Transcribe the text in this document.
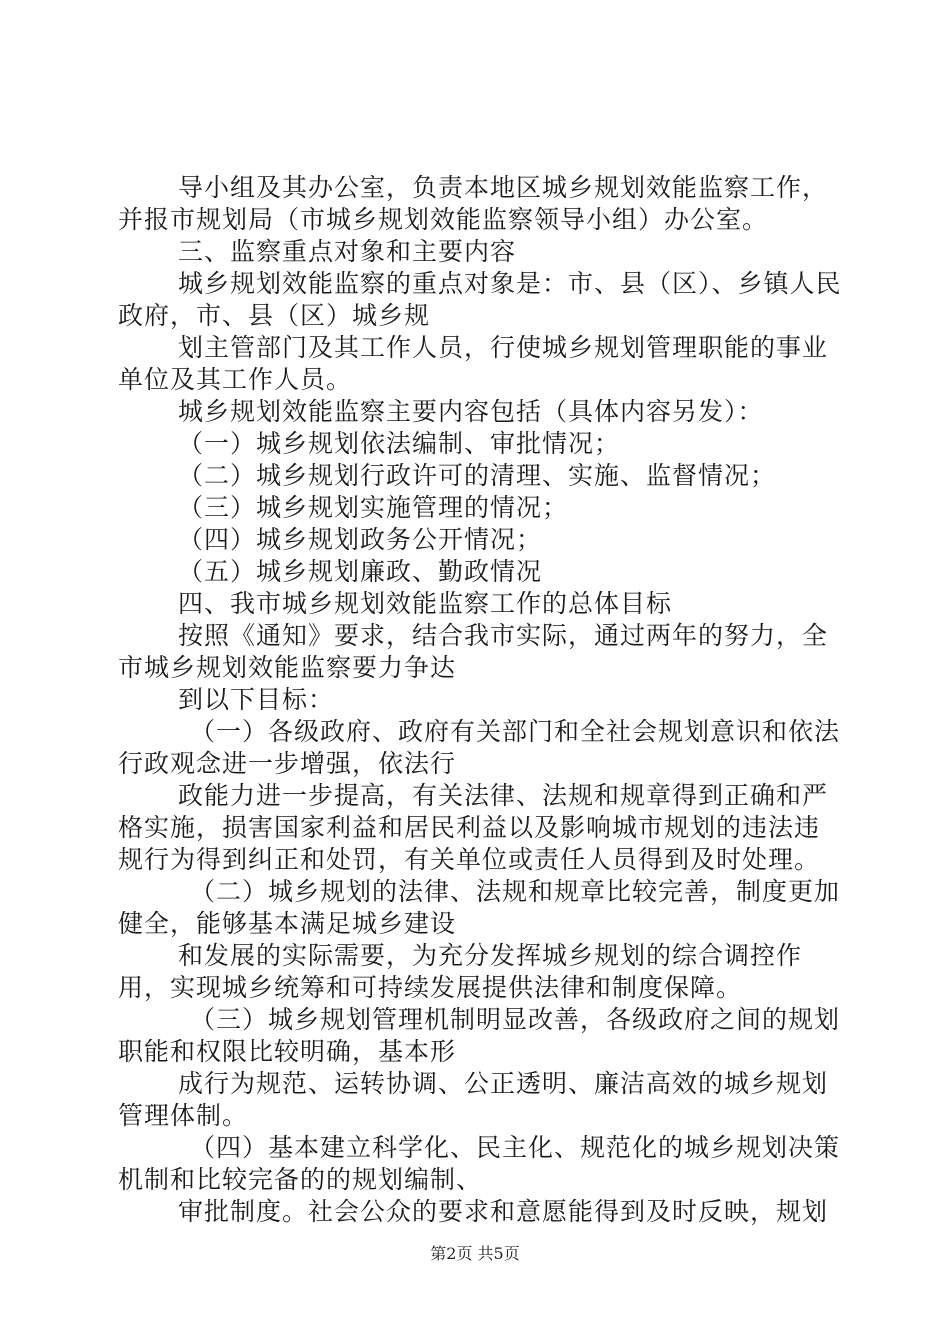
导小组及其办公室，负责本地区城乡规划效能监察工作，并报市规划局（市城乡规划效能监察领导小组）办公室。

三、监察重点对象和主要内容

城乡规划效能监察的重点对象是：市、县（区）、乡镇人民政府，市、县（区）城乡规

划主管部门及其工作人员，行使城乡规划管理职能的事业单位及其工作人员。

城乡规划效能监察主要内容包括（具体内容另发）：

（一）城乡规划依法编制、审批情况；

（二）城乡规划行政许可的清理、实施、监督情况；

（三）城乡规划实施管理的情况；

（四）城乡规划政务公开情况；

（五）城乡规划廉政、勤政情况

四、我市城乡规划效能监察工作的总体目标

按照《通知》要求，结合我市实际，通过两年的努力，全市城乡规划效能监察要力争达

到以下目标：

（一）各级政府、政府有关部门和全社会规划意识和依法行政观念进一步增强，依法行

政能力进一步提高，有关法律、法规和规章得到正确和严格实施，损害国家利益和居民利益以及影响城市规划的违法违规行为得到纠正和处罚，有关单位或责任人员得到及时处理。

（二）城乡规划的法律、法规和规章比较完善，制度更加健全，能够基本满足城乡建设

和发展的实际需要，为充分发挥城乡规划的综合调控作用，实现城乡统筹和可持续发展提供法律和制度保障。

（三）城乡规划管理机制明显改善，各级政府之间的规划职能和权限比较明确，基本形

成行为规范、运转协调、公正透明、廉洁高效的城乡规划管理体制。

（四）基本建立科学化、民主化、规范化的城乡规划决策机制和比较完备的的规划编制、

审批制度。社会公众的要求和意愿能得到及时反映，规划

第2页 共5页
